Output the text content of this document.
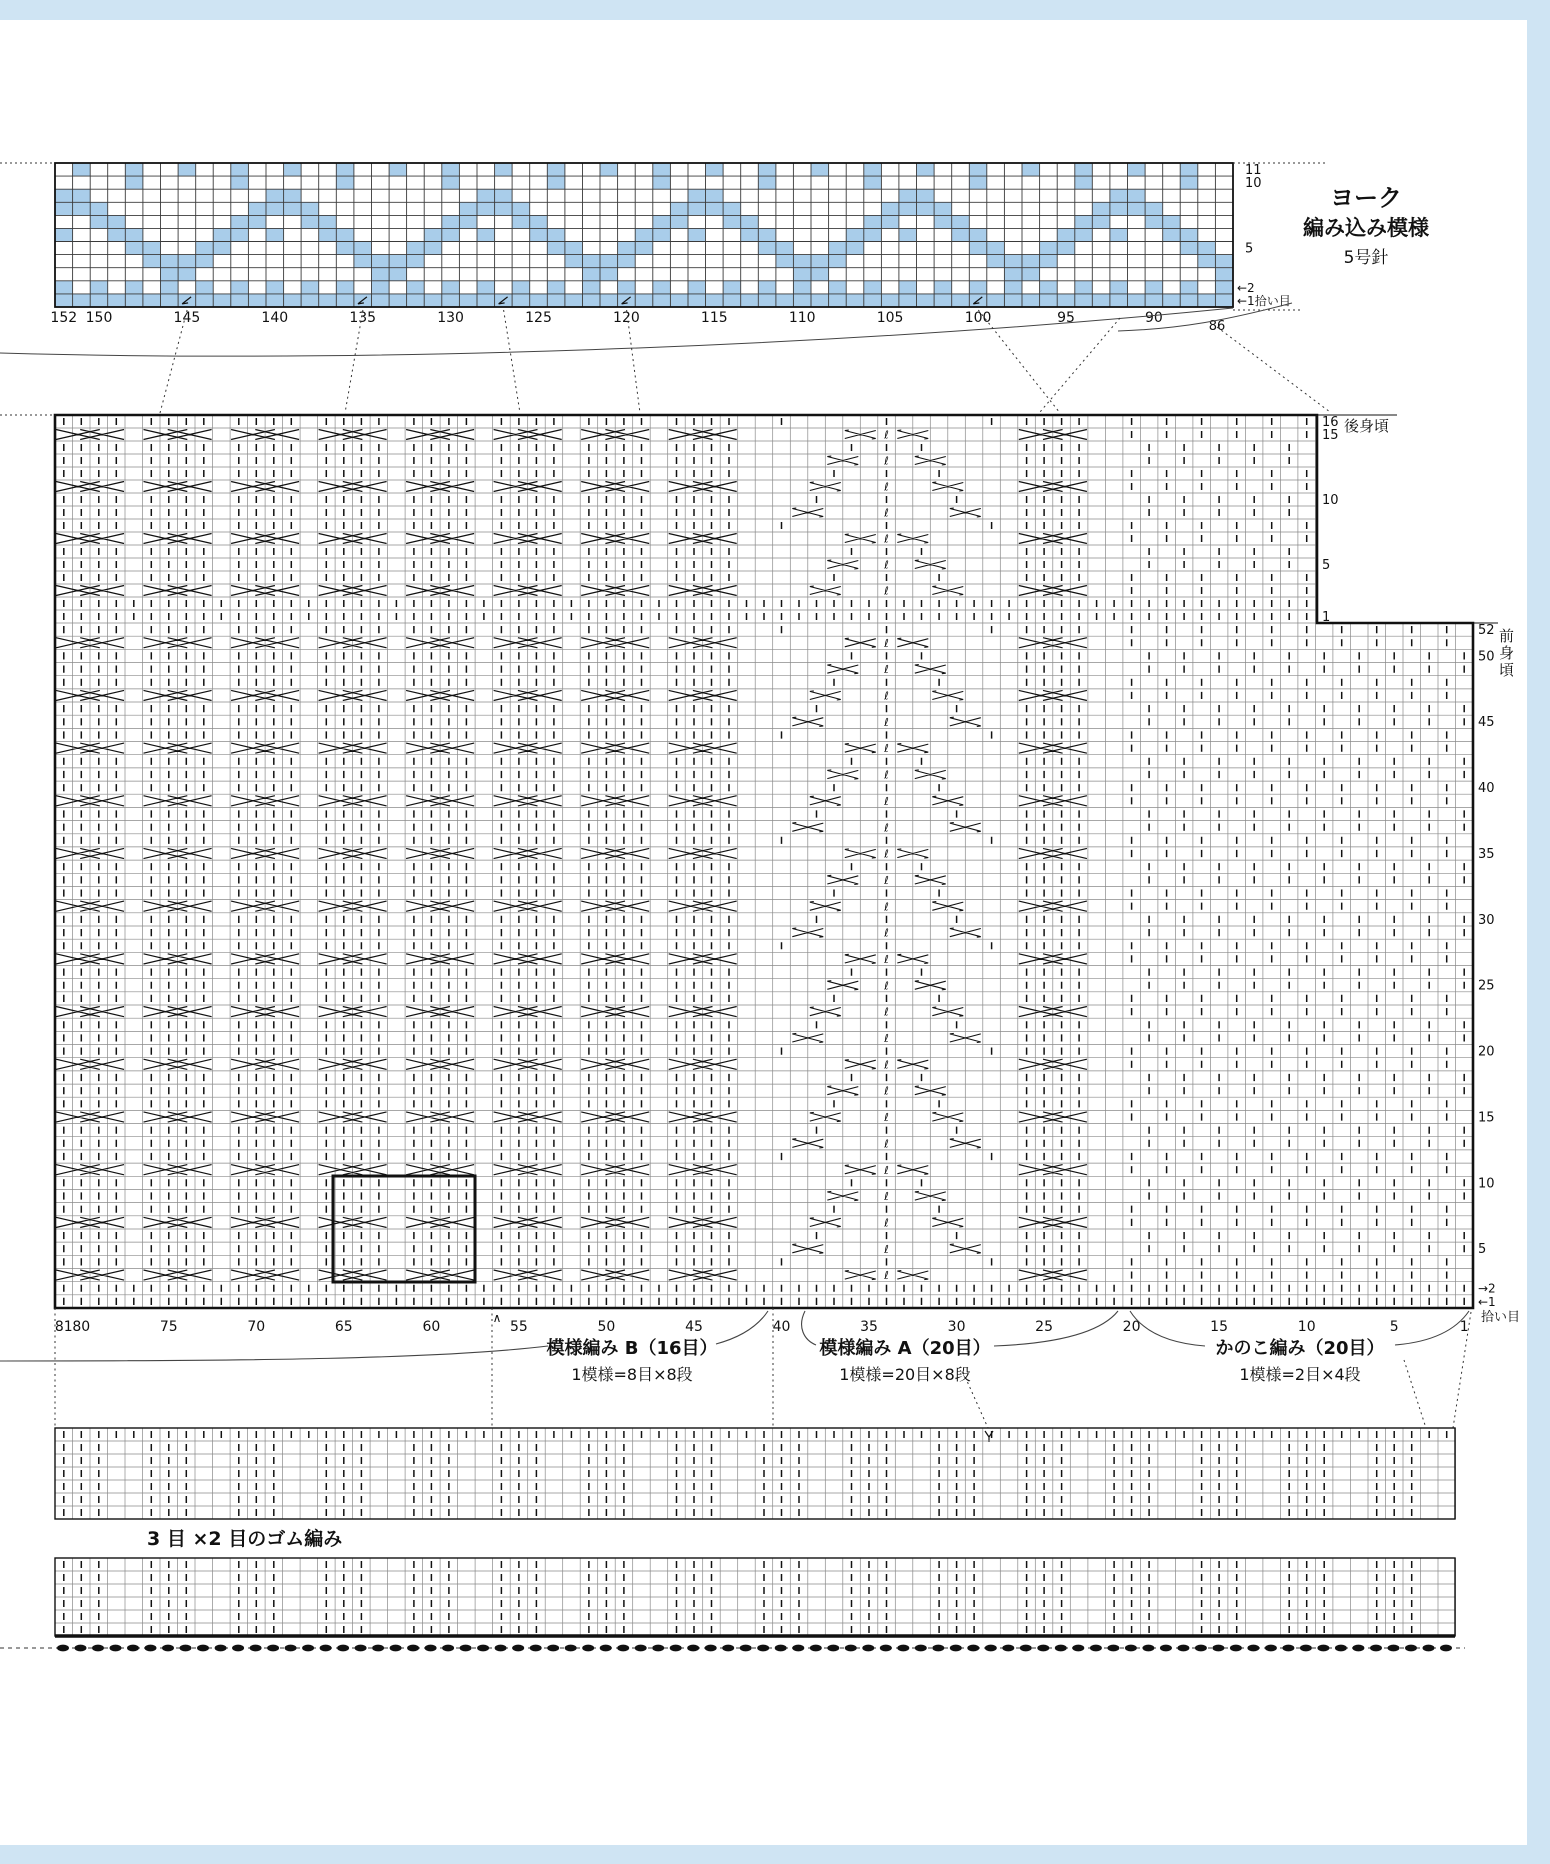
11
10
5
←2
←1拾い目
152 150	145	140	135	130	125	120	115	110	105	100	95	90
86
ℓ
ℓ
ℓ
ℓ
ℓ
ℓ
ℓ
ℓ
ℓ
ℓ
ℓ
ℓ
ℓ
ℓ
ℓ
ℓ
ℓ
ℓ
ℓ
ℓ
ℓ
ℓ
ℓ
ℓ
ℓ
ℓ
ℓ
ℓ
ℓ
ℓ
ℓ
ℓ
16
15
10
5
1
52
50
45
40
35
30
25
20
15
10
5
→2
←1
拾い目
81 80	75	70	65	60	55	50	45	40	35	30	25	20	15	10	5	1
∧
ヨーク
編み込み模様
5号針
後身頃
前身頃
模様編み B（16目）
1模様=8目×8段
模様編み A（20目）
1模様=20目×8段
かのこ編み（20目）
1模様=2目×4段
3 目 ×2 目のゴム編み
